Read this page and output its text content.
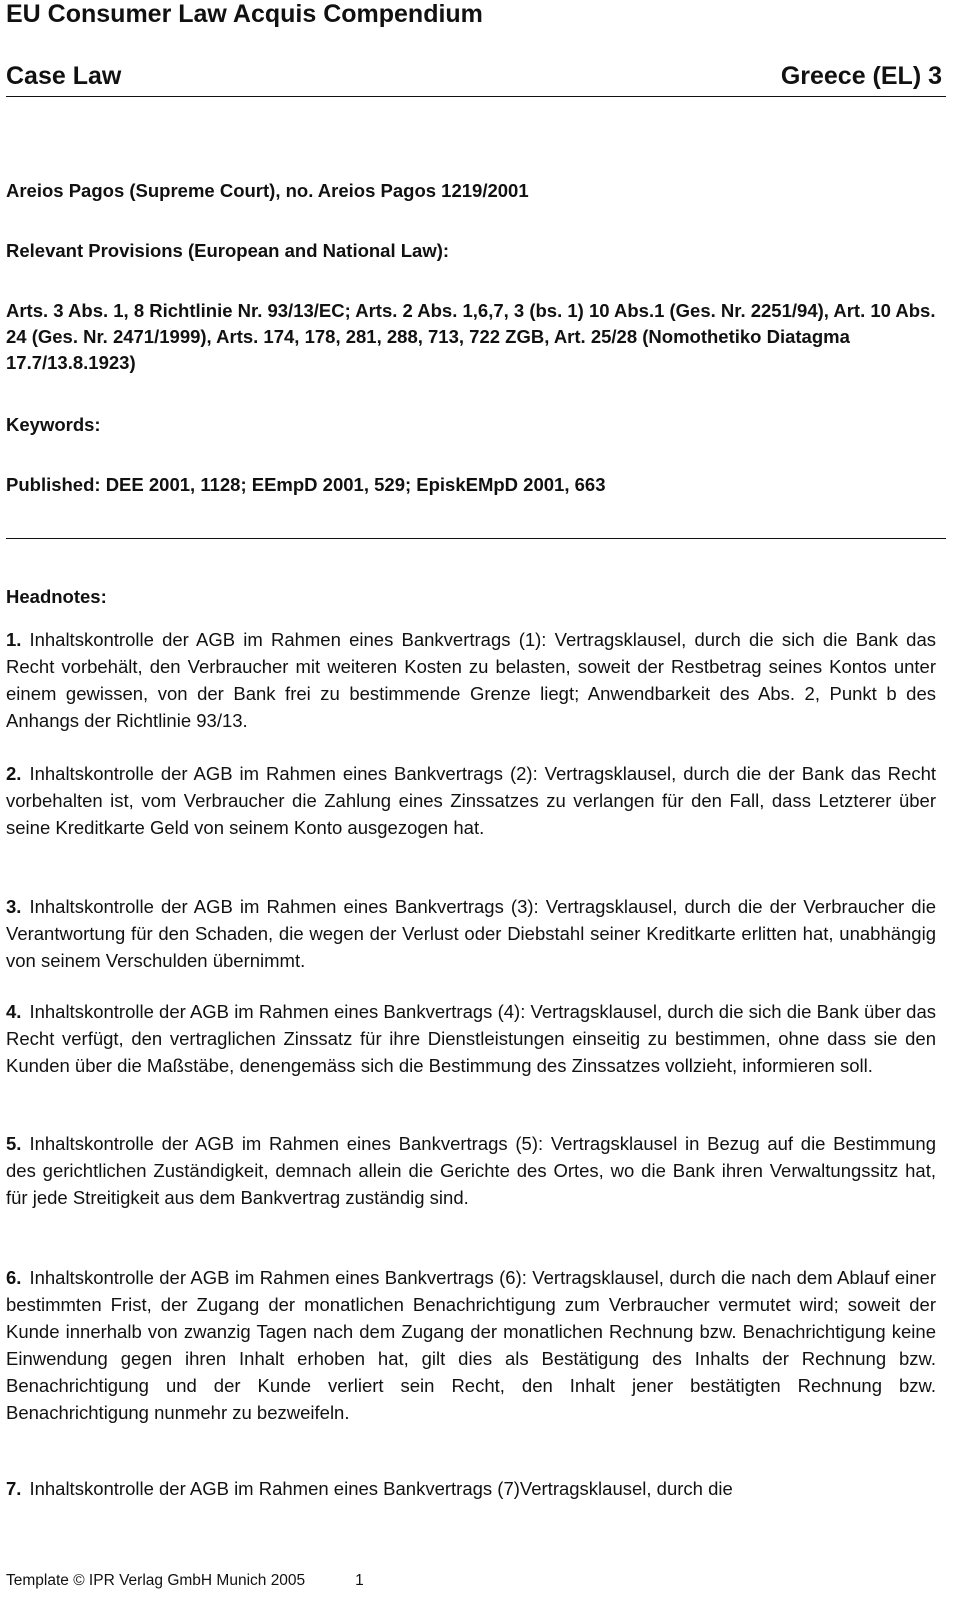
EU Consumer Law Acquis Compendium
Case Law	Greece (EL) 3
Areios Pagos (Supreme Court), no. Areios Pagos 1219/2001
Relevant Provisions (European and National Law):
Arts. 3 Abs. 1, 8 Richtlinie Nr. 93/13/EC; Arts. 2 Abs. 1,6,7, 3 (bs. 1) 10 Abs.1 (Ges. Nr. 2251/94), Art. 10 Abs. 24 (Ges. Nr. 2471/1999), Arts. 174, 178, 281, 288, 713, 722 ZGB, Art. 25/28 (Nomothetiko Diatagma 17.7/13.8.1923)
Keywords:
Published: DEE 2001, 1128; EEmpD 2001, 529; EpiskEMpD 2001, 663
Headnotes:
1. Inhaltskontrolle der AGB im Rahmen eines Bankvertrags (1): Vertragsklausel, durch die sich die Bank das Recht vorbehält, den Verbraucher mit weiteren Kosten zu belasten, soweit der Restbetrag seines Kontos unter einem gewissen, von der Bank frei zu bestimmende Grenze liegt; Anwendbarkeit des Abs. 2, Punkt b des Anhangs der Richtlinie 93/13.
2. Inhaltskontrolle der AGB im Rahmen eines Bankvertrags (2): Vertragsklausel, durch die der Bank das Recht vorbehalten ist, vom Verbraucher die Zahlung eines Zinssatzes zu verlangen für den Fall, dass Letzterer über seine Kreditkarte Geld von seinem Konto ausgezogen hat.
3. Inhaltskontrolle der AGB im Rahmen eines Bankvertrags (3): Vertragsklausel, durch die der Verbraucher die Verantwortung für den Schaden, die wegen der Verlust oder Diebstahl seiner Kreditkarte erlitten hat, unabhängig von seinem Verschulden übernimmt.
4. Inhaltskontrolle der AGB im Rahmen eines Bankvertrags (4): Vertragsklausel, durch die sich die Bank über das Recht verfügt, den vertraglichen Zinssatz für ihre Dienstleistungen einseitig zu bestimmen, ohne dass sie den Kunden über die Maßstäbe, denengemäss sich die Bestimmung des Zinssatzes vollzieht, informieren soll.
5. Inhaltskontrolle der AGB im Rahmen eines Bankvertrags (5): Vertragsklausel in Bezug auf die Bestimmung des gerichtlichen Zuständigkeit, demnach allein die Gerichte des Ortes, wo die Bank ihren Verwaltungssitz hat, für jede Streitigkeit aus dem Bankvertrag zuständig sind.
6. Inhaltskontrolle der AGB im Rahmen eines Bankvertrags (6): Vertragsklausel, durch die nach dem Ablauf einer bestimmten Frist, der Zugang der monatlichen Benachrichtigung zum Verbraucher vermutet wird; soweit der Kunde innerhalb von zwanzig Tagen nach dem Zugang der monatlichen Rechnung bzw. Benachrichtigung keine Einwendung gegen ihren Inhalt erhoben hat, gilt dies als Bestätigung des Inhalts der Rechnung bzw. Benachrichtigung und der Kunde verliert sein Recht, den Inhalt jener bestätigten Rechnung bzw. Benachrichtigung nunmehr zu bezweifeln.
7. Inhaltskontrolle der AGB im Rahmen eines Bankvertrags (7)Vertragsklausel, durch die
Template © IPR Verlag GmbH Munich 2005	1
